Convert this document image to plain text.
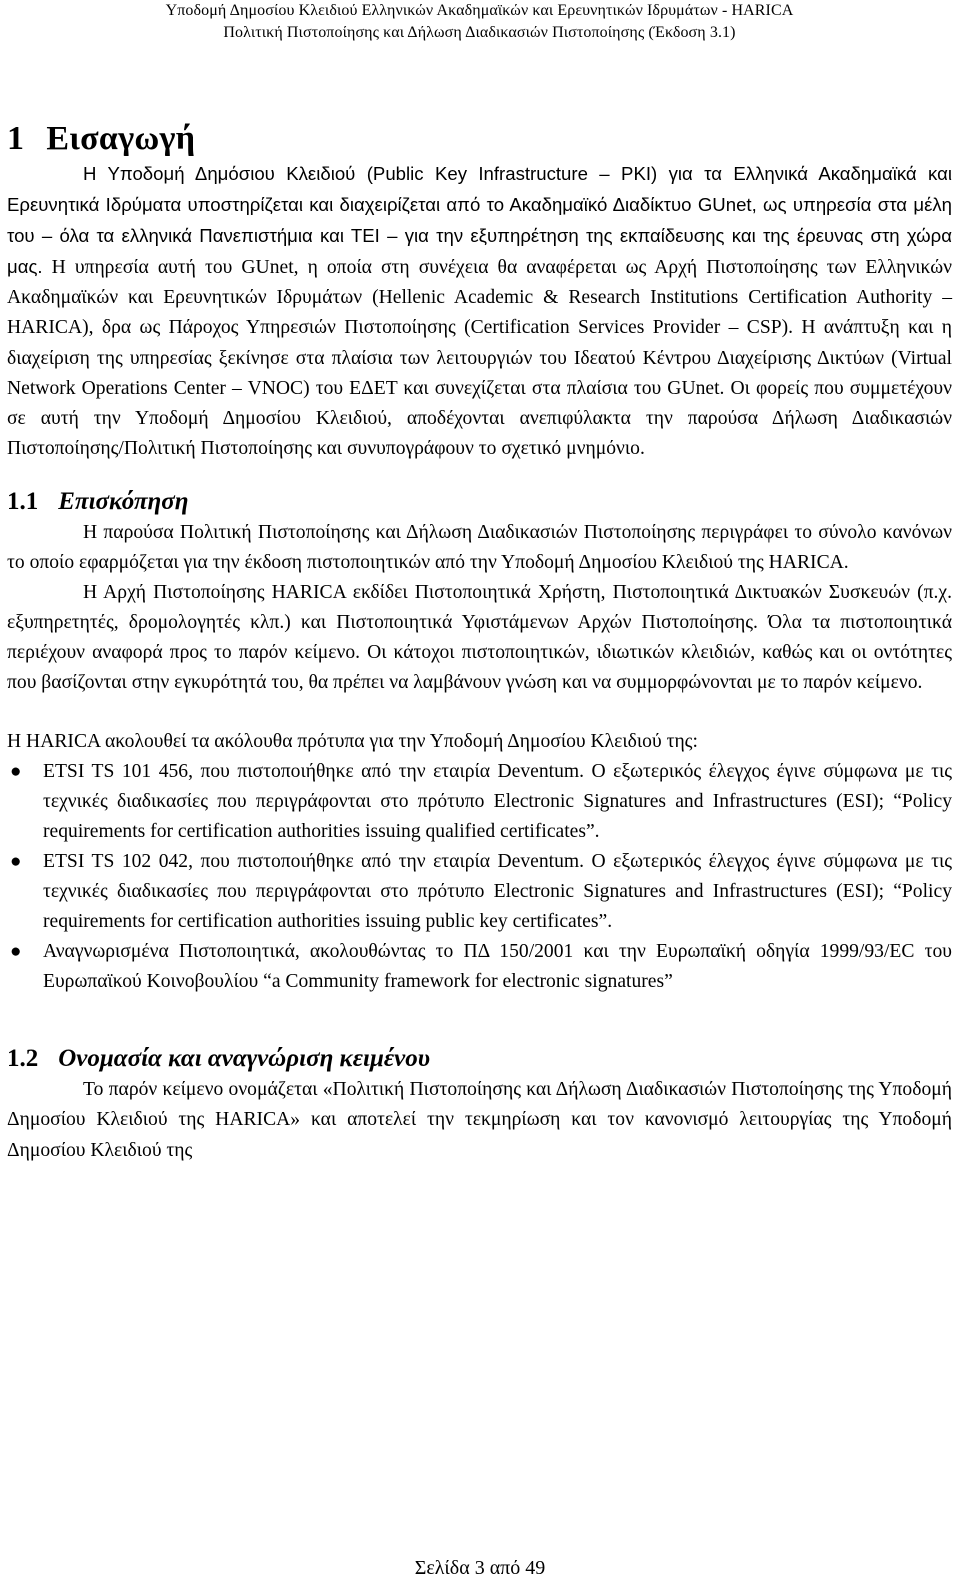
Υποδομή Δημοσίου Κλειδιού Ελληνικών Ακαδημαϊκών και Ερευνητικών Ιδρυμάτων - HARICA
Πολιτική Πιστοποίησης και Δήλωση Διαδικασιών Πιστοποίησης (Έκδοση 3.1)
1 Εισαγωγή

Η Υποδομή Δημόσιου Κλειδιού (Public Key Infrastructure – PKI) για τα Ελληνικά Ακαδημαϊκά και Ερευνητικά Ιδρύματα υποστηρίζεται και διαχειρίζεται από το Ακαδημαϊκό Διαδίκτυο GUnet, ως υπηρεσία στα μέλη του – όλα τα ελληνικά Πανεπιστήμια και ΤΕΙ – για την εξυπηρέτηση της εκπαίδευσης και της έρευνας στη χώρα μας. Η υπηρεσία αυτή του GUnet, η οποία στη συνέχεια θα αναφέρεται ως Αρχή Πιστοποίησης των Ελληνικών Ακαδημαϊκών και Ερευνητικών Ιδρυμάτων (Hellenic Academic & Research Institutions Certification Authority – HARICA), δρα ως Πάροχος Υπηρεσιών Πιστοποίησης (Certification Services Provider – CSP). Η ανάπτυξη και η διαχείριση της υπηρεσίας ξεκίνησε στα πλαίσια των λειτουργιών του Ιδεατού Κέντρου Διαχείρισης Δικτύων (Virtual Network Operations Center – VNOC) του ΕΔΕΤ και συνεχίζεται στα πλαίσια του GUnet. Οι φορείς που συμμετέχουν σε αυτή την Υποδομή Δημοσίου Κλειδιού, αποδέχονται ανεπιφύλακτα την παρούσα Δήλωση Διαδικασιών Πιστοποίησης/Πολιτική Πιστοποίησης και συνυπογράφουν το σχετικό μνημόνιο.

1.1 Επισκόπηση

Η παρούσα Πολιτική Πιστοποίησης και Δήλωση Διαδικασιών Πιστοποίησης περιγράφει το σύνολο κανόνων το οποίο εφαρμόζεται για την έκδοση πιστοποιητικών από την Υποδομή Δημοσίου Κλειδιού της HARICA.

Η Αρχή Πιστοποίησης HARICA εκδίδει Πιστοποιητικά Χρήστη, Πιστοποιητικά Δικτυακών Συσκευών (π.χ. εξυπηρετητές, δρομολογητές κλπ.) και Πιστοποιητικά Υφιστάμενων Αρχών Πιστοποίησης. Όλα τα πιστοποιητικά περιέχουν αναφορά προς το παρόν κείμενο. Οι κάτοχοι πιστοποιητικών, ιδιωτικών κλειδιών, καθώς και οι οντότητες που βασίζονται στην εγκυρότητά του, θα πρέπει να λαμβάνουν γνώση και να συμμορφώνονται με το παρόν κείμενο.

Η HARICA ακολουθεί τα ακόλουθα πρότυπα για την Υποδομή Δημοσίου Κλειδιού της:

● ETSI TS 101 456, που πιστοποιήθηκε από την εταιρία Deventum. Ο εξωτερικός έλεγχος έγινε σύμφωνα με τις τεχνικές διαδικασίες που περιγράφονται στο πρότυπο Electronic Signatures and Infrastructures (ESI); “Policy requirements for certification authorities issuing qualified certificates”.
● ETSI TS 102 042, που πιστοποιήθηκε από την εταιρία Deventum. Ο εξωτερικός έλεγχος έγινε σύμφωνα με τις τεχνικές διαδικασίες που περιγράφονται στο πρότυπο Electronic Signatures and Infrastructures (ESI); “Policy requirements for certification authorities issuing public key certificates”.
● Αναγνωρισμένα Πιστοποιητικά, ακολουθώντας το ΠΔ 150/2001 και την Ευρωπαϊκή οδηγία 1999/93/EC του Ευρωπαϊκού Κοινοβουλίου “a Community framework for electronic signatures”
1.2 Ονομασία και αναγνώριση κειμένου

Το παρόν κείμενο ονομάζεται «Πολιτική Πιστοποίησης και Δήλωση Διαδικασιών Πιστοποίησης της Υποδομή Δημοσίου Κλειδιού της HARICA» και αποτελεί την τεκμηρίωση και τον κανονισμό λειτουργίας της Υποδομή Δημοσίου Κλειδιού της

Σελίδα 3 από 49
